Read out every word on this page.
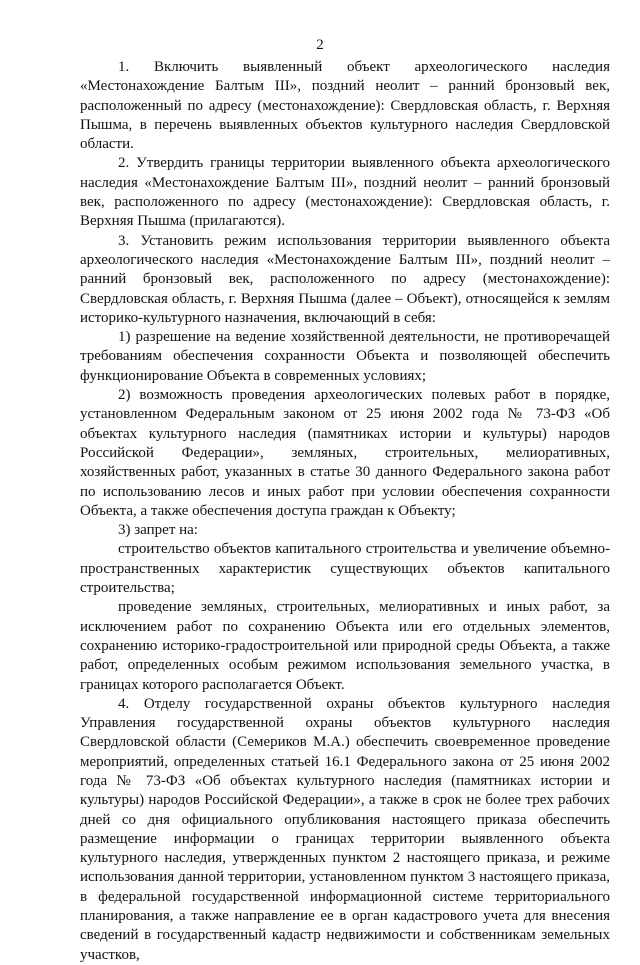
2

1. Включить выявленный объект археологического наследия «Местонахождение Балтым III», поздний неолит – ранний бронзовый век, расположенный по адресу (местонахождение): Свердловская область, г. Верхняя Пышма, в перечень выявленных объектов культурного наследия Свердловской области.

2. Утвердить границы территории выявленного объекта археологического наследия «Местонахождение Балтым III», поздний неолит – ранний бронзовый век, расположенного по адресу (местонахождение): Свердловская область, г. Верхняя Пышма (прилагаются).

3. Установить режим использования территории выявленного объекта археологического наследия «Местонахождение Балтым III», поздний неолит – ранний бронзовый век, расположенного по адресу (местонахождение): Свердловская область, г. Верхняя Пышма (далее – Объект), относящейся к землям историко-культурного назначения, включающий в себя:

1) разрешение на ведение хозяйственной деятельности, не противоречащей требованиям обеспечения сохранности Объекта и позволяющей обеспечить функционирование Объекта в современных условиях;

2) возможность проведения археологических полевых работ в порядке, установленном Федеральным законом от 25 июня 2002 года № 73-ФЗ «Об объектах культурного наследия (памятниках истории и культуры) народов Российской Федерации», земляных, строительных, мелиоративных, хозяйственных работ, указанных в статье 30 данного Федерального закона работ по использованию лесов и иных работ при условии обеспечения сохранности Объекта, а также обеспечения доступа граждан к Объекту;

3) запрет на:

строительство объектов капитального строительства и увеличение объемно-пространственных характеристик существующих объектов капитального строительства;

проведение земляных, строительных, мелиоративных и иных работ, за исключением работ по сохранению Объекта или его отдельных элементов, сохранению историко-градостроительной или природной среды Объекта, а также работ, определенных особым режимом использования земельного участка, в границах которого располагается Объект.

4. Отделу государственной охраны объектов культурного наследия Управления государственной охраны объектов культурного наследия Свердловской области (Семериков М.А.) обеспечить своевременное проведение мероприятий, определенных статьей 16.1 Федерального закона от 25 июня 2002 года № 73-ФЗ «Об объектах культурного наследия (памятниках истории и культуры) народов Российской Федерации», а также в срок не более трех рабочих дней со дня официального опубликования настоящего приказа обеспечить размещение информации о границах территории выявленного объекта культурного наследия, утвержденных пунктом 2 настоящего приказа, и режиме использования данной территории, установленном пунктом 3 настоящего приказа, в федеральной государственной информационной системе территориального планирования, а также направление ее в орган кадастрового учета для внесения сведений в государственный кадастр недвижимости и собственникам земельных участков,
